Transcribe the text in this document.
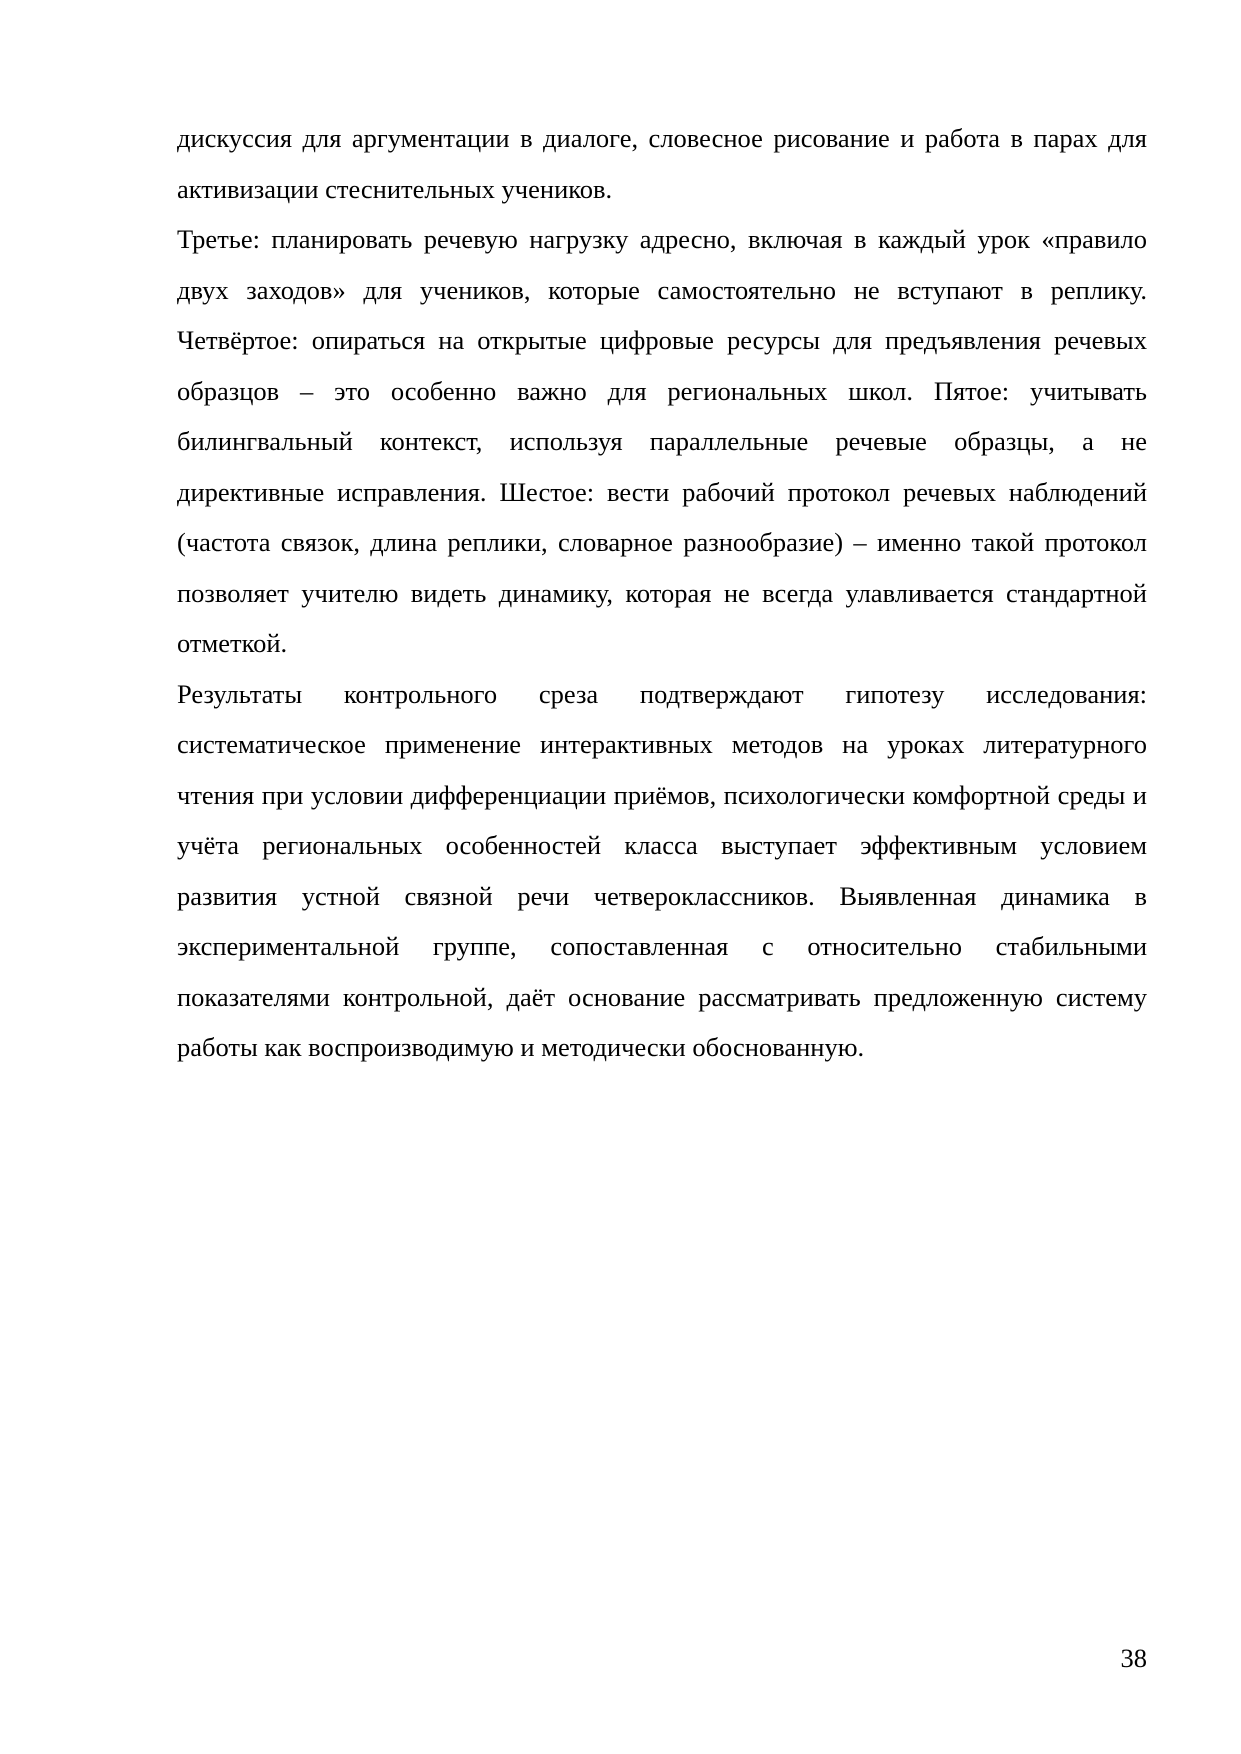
дискуссия для аргументации в диалоге, словесное рисование и работа в парах для активизации стеснительных учеников.

Третье: планировать речевую нагрузку адресно, включая в каждый урок «правило двух заходов» для учеников, которые самостоятельно не вступают в реплику. Четвёртое: опираться на открытые цифровые ресурсы для предъявления речевых образцов – это особенно важно для региональных школ. Пятое: учитывать билингвальный контекст, используя параллельные речевые образцы, а не директивные исправления. Шестое: вести рабочий протокол речевых наблюдений (частота связок, длина реплики, словарное разнообразие) – именно такой протокол позволяет учителю видеть динамику, которая не всегда улавливается стандартной отметкой.

Результаты контрольного среза подтверждают гипотезу исследования: систематическое применение интерактивных методов на уроках литературного чтения при условии дифференциации приёмов, психологически комфортной среды и учёта региональных особенностей класса выступает эффективным условием развития устной связной речи четвероклассников. Выявленная динамика в экспериментальной группе, сопоставленная с относительно стабильными показателями контрольной, даёт основание рассматривать предложенную систему работы как воспроизводимую и методически обоснованную.

38
